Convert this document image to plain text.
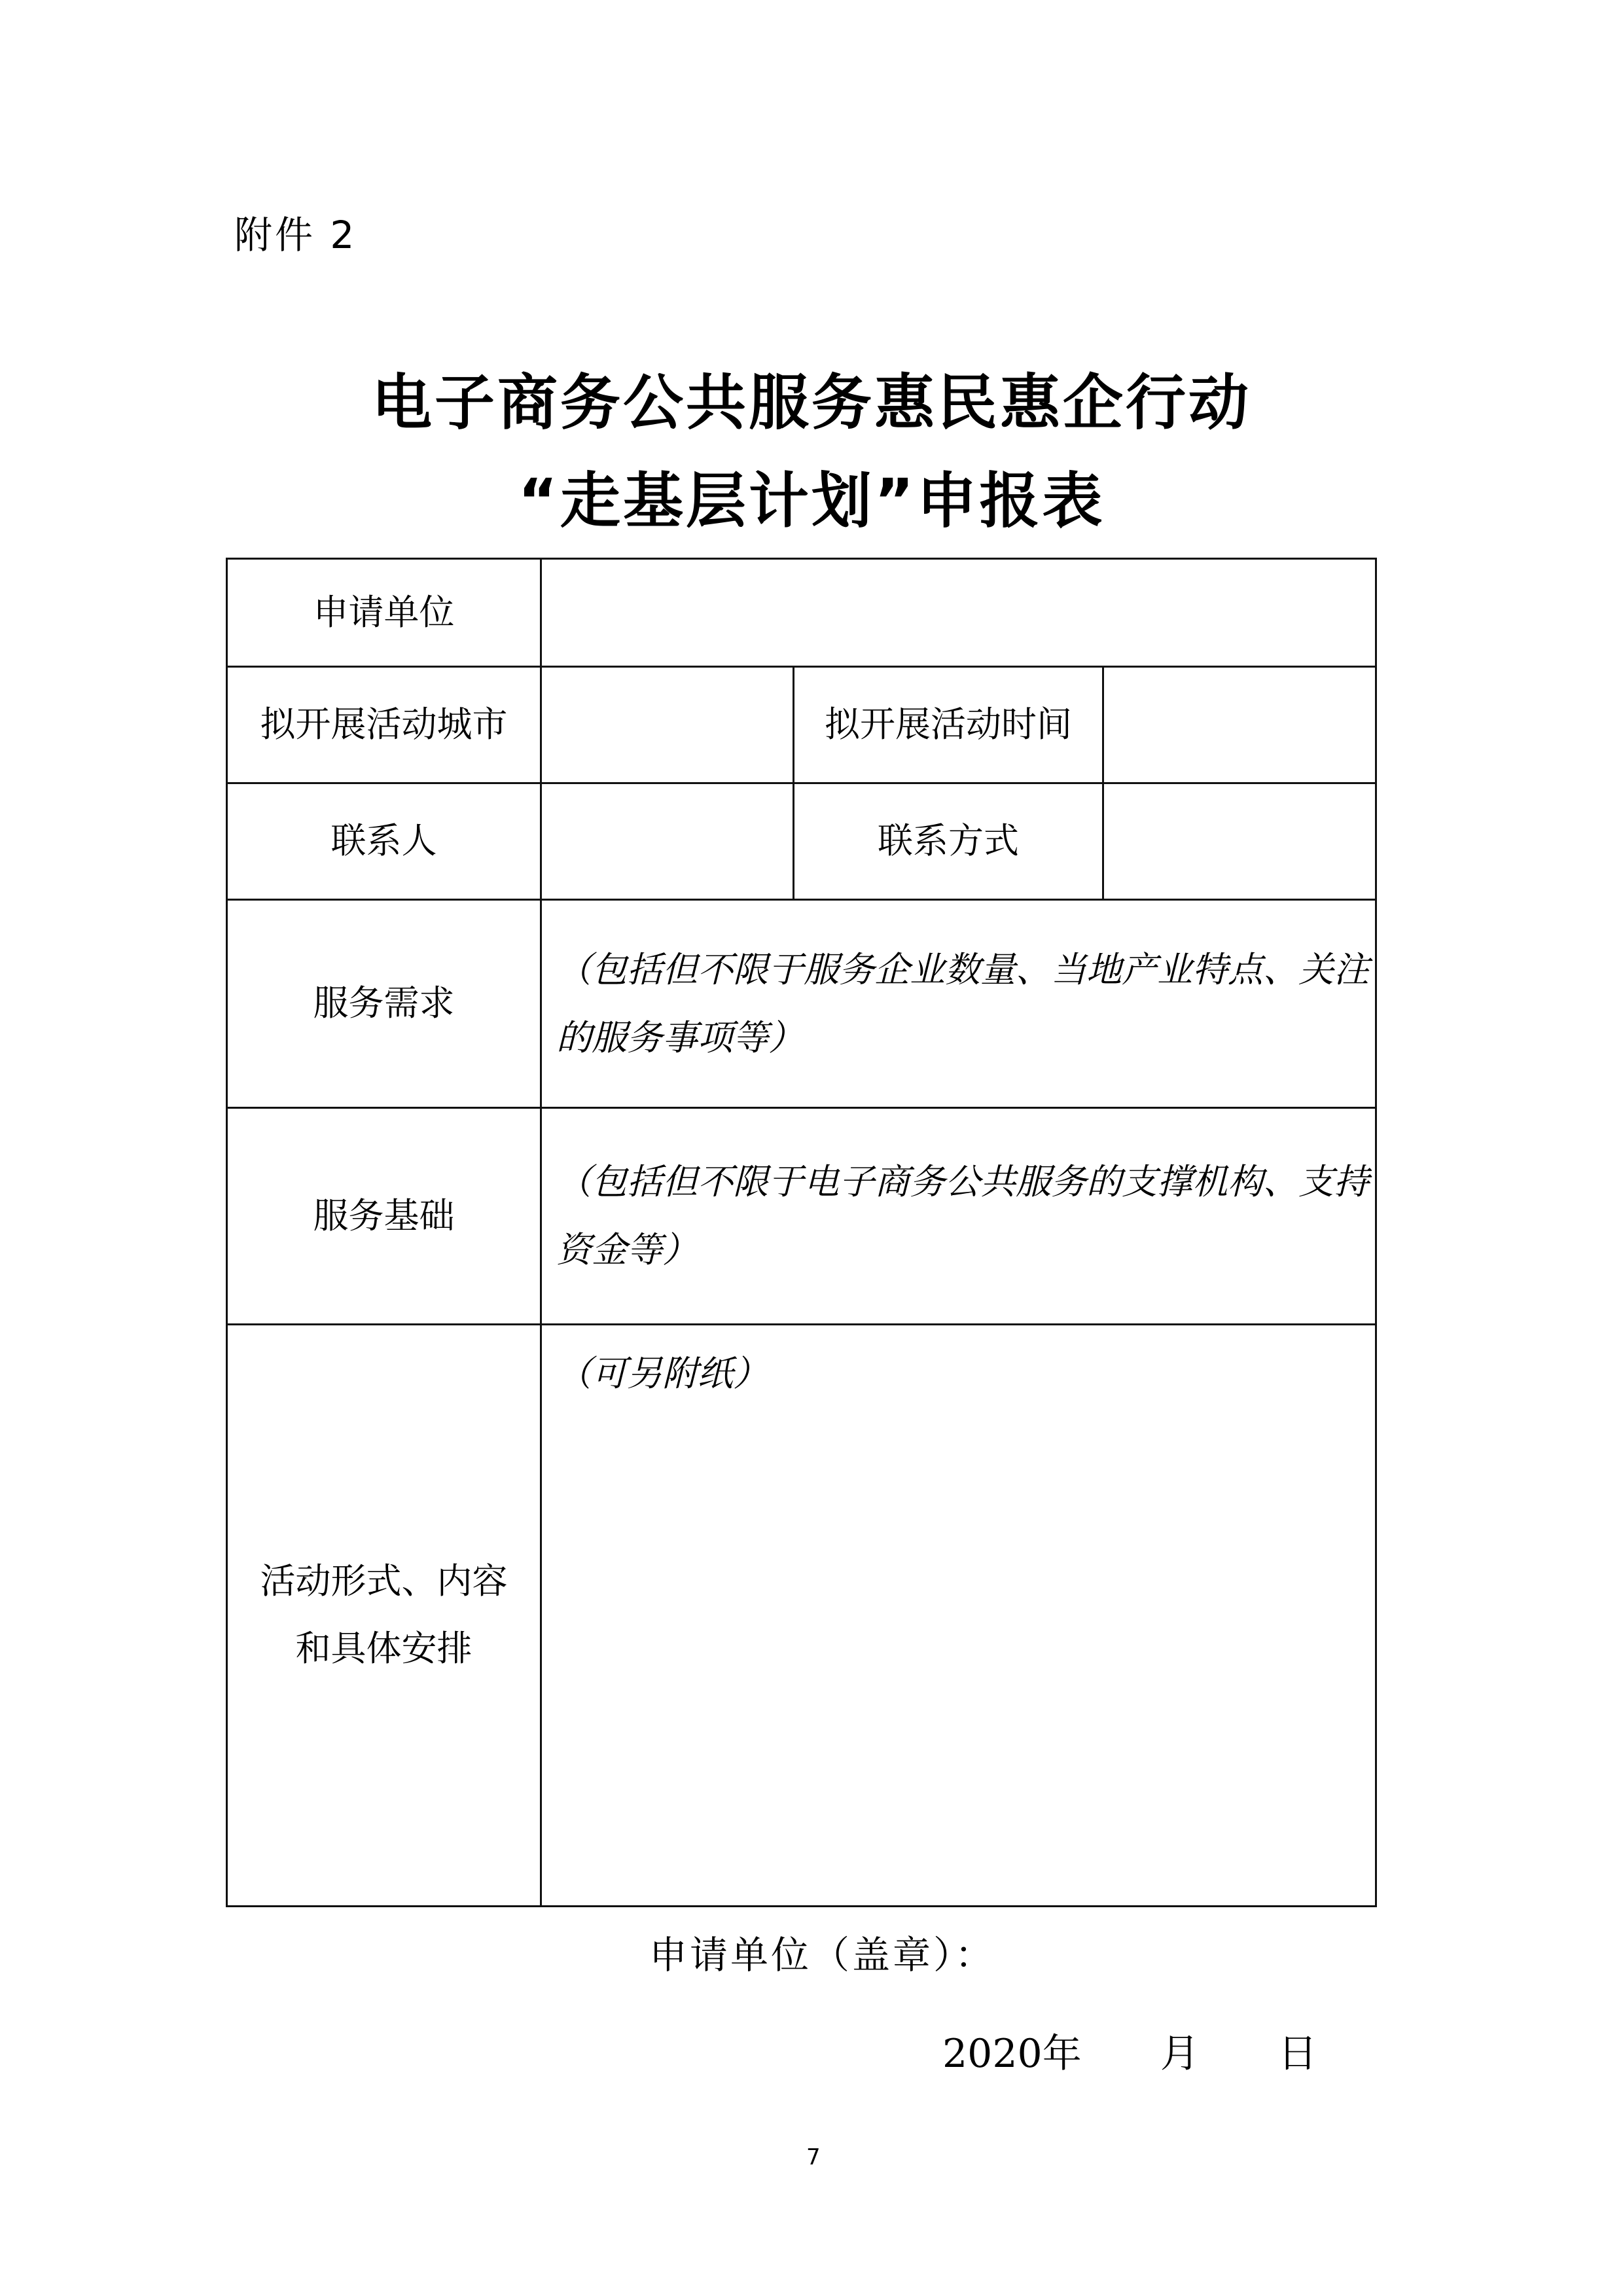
附件 2
电子商务公共服务惠民惠企行动
“走基层计划”申报表
申请单位			
拟开展活动城市		拟开展活动时间	
联系人		联系方式	
服务需求	（包括但不限于服务企业数量、当地产业特点、关注的服务事项等）		
服务基础	（包括但不限于电子商务公共服务的支撑机构、支持资金等）		

活动形式、内容
和具体安排	（可另附纸）		
申请单位（盖章）：
2020年 月 日
7
